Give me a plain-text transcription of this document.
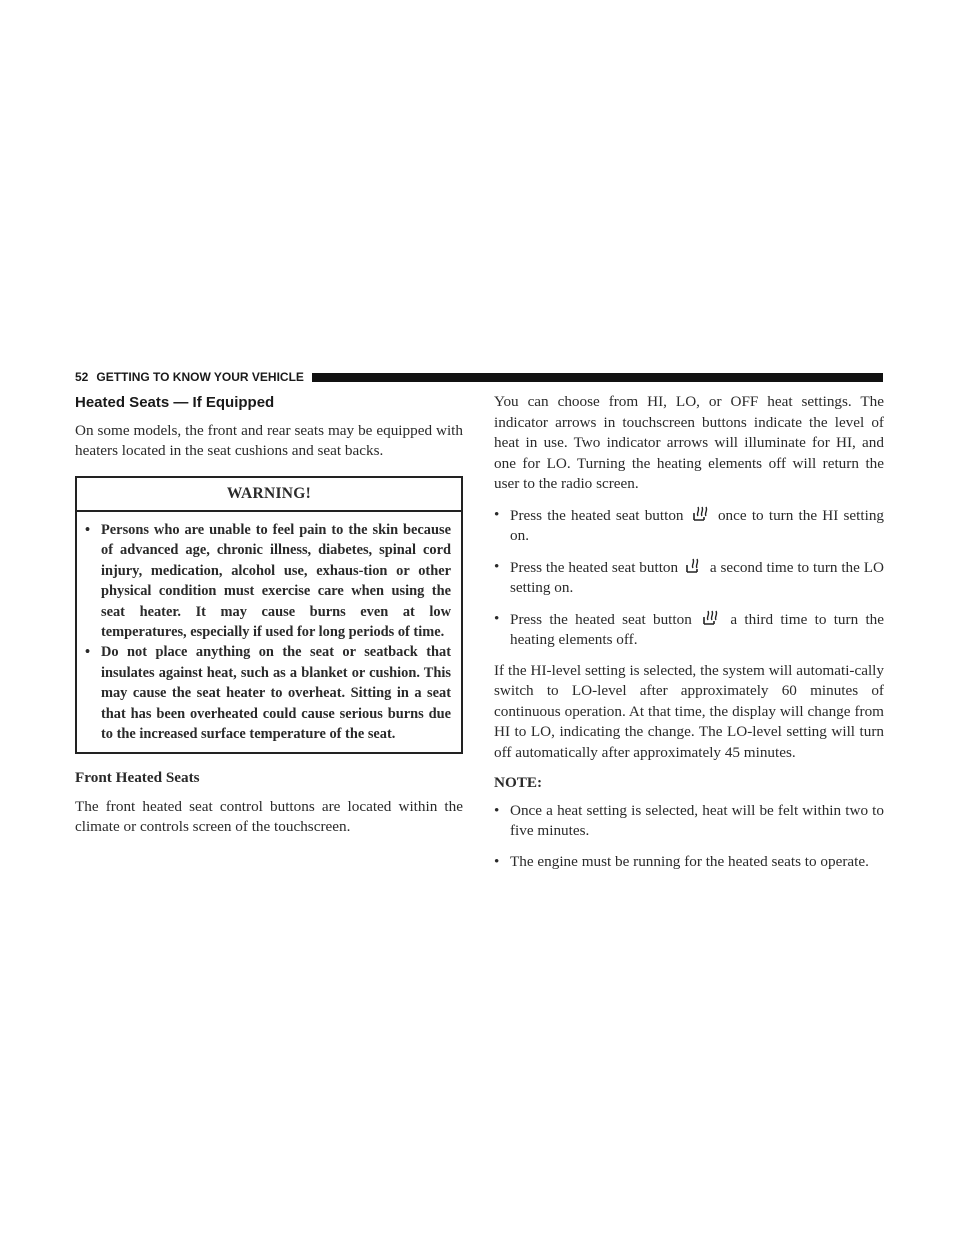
52 GETTING TO KNOW YOUR VEHICLE
Heated Seats — If Equipped

On some models, the front and rear seats may be equipped with heaters located in the seat cushions and seat backs.

WARNING!
• Persons who are unable to feel pain to the skin because of advanced age, chronic illness, diabetes, spinal cord injury, medication, alcohol use, exhaus-tion or other physical condition must exercise care when using the seat heater. It may cause burns even at low temperatures, especially if used for long periods of time.
• Do not place anything on the seat or seatback that insulates against heat, such as a blanket or cushion. This may cause the seat heater to overheat. Sitting in a seat that has been overheated could cause serious burns due to the increased surface temperature of the seat.
Front Heated Seats

The front heated seat control buttons are located within the climate or controls screen of the touchscreen.

You can choose from HI, LO, or OFF heat settings. The indicator arrows in touchscreen buttons indicate the level of heat in use. Two indicator arrows will illuminate for HI, and one for LO. Turning the heating elements off will return the user to the radio screen.

• Press the heated seat button once to turn the HI setting on.
• Press the heated seat button a second time to turn the LO setting on.
• Press the heated seat button	a third time to turn the heating elements off.

If the HI-level setting is selected, the system will automati-cally switch to LO-level after approximately 60 minutes of continuous operation. At that time, the display will change from HI to LO, indicating the change. The LO-level setting will turn off automatically after approximately 45 minutes.

NOTE:
• Once a heat setting is selected, heat will be felt within two to five minutes.
• The engine must be running for the heated seats to operate.
